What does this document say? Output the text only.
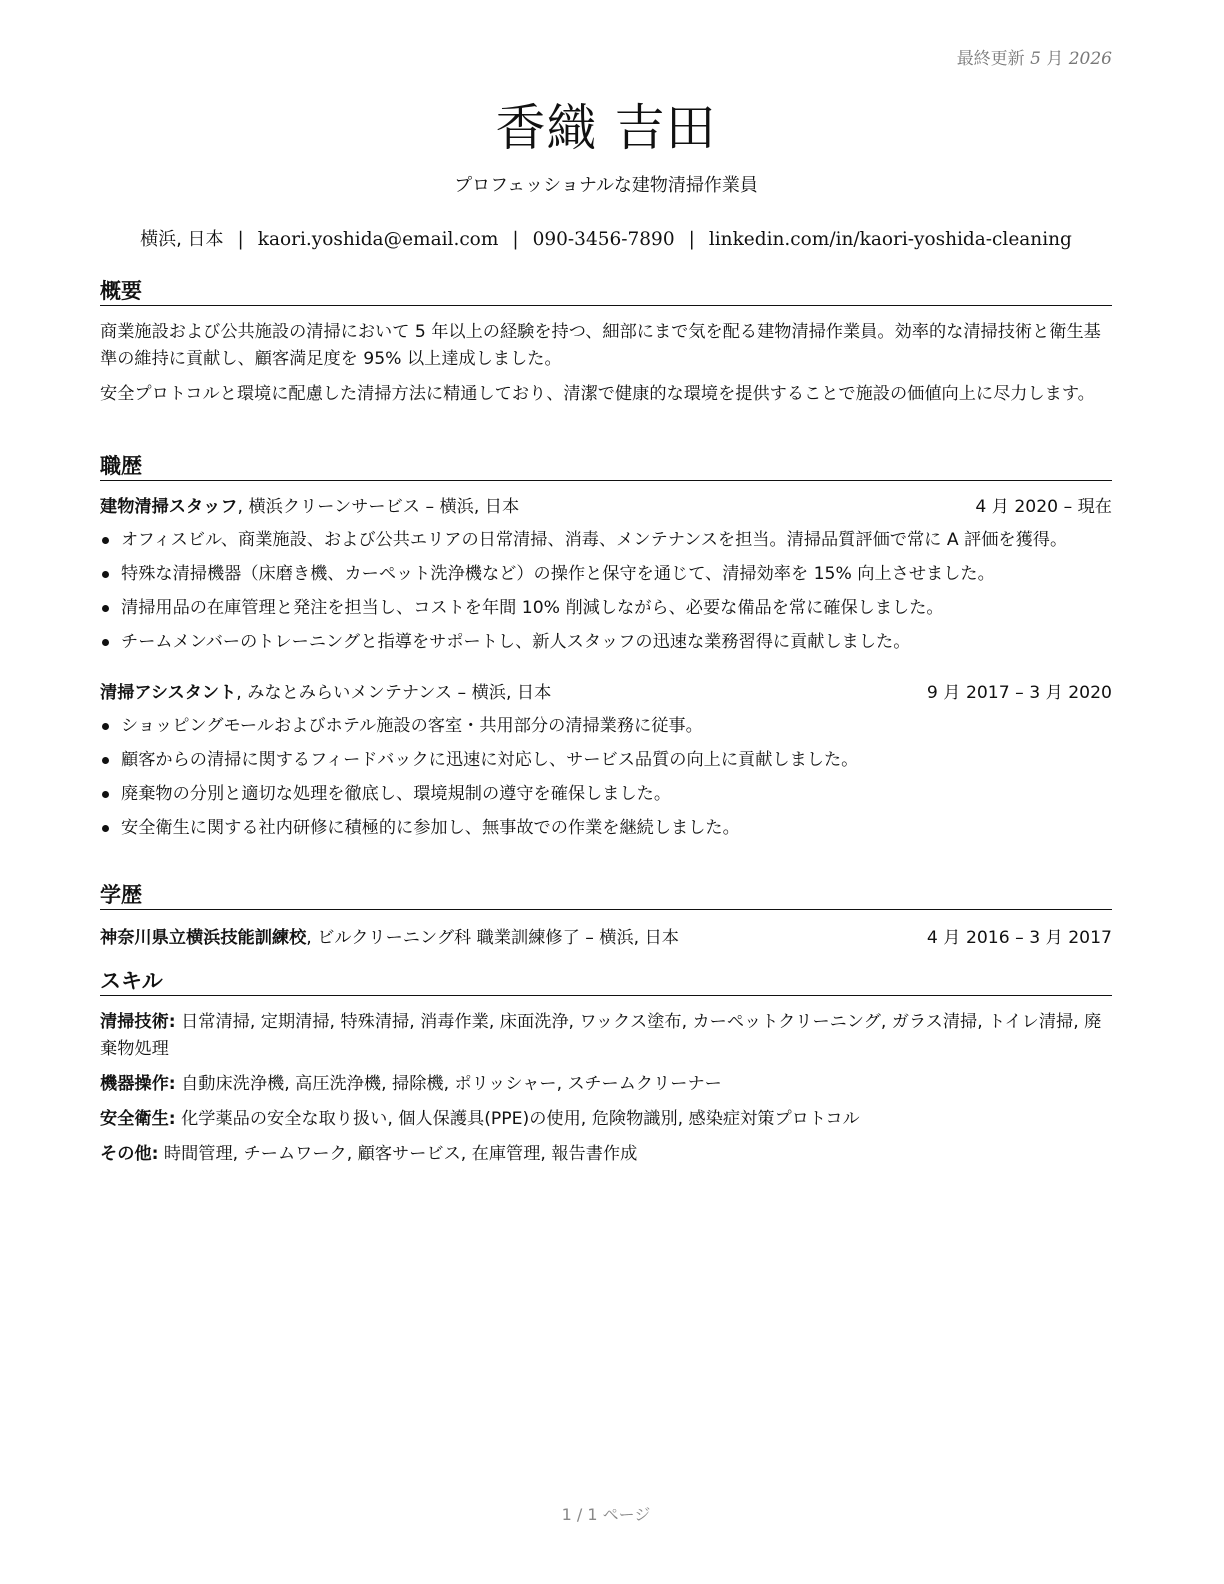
最終更新 5 月 2026
香織 吉田
プロフェッショナルな建物清掃作業員
横浜, 日本 | kaori.yoshida@email.com | 090-3456-7890 | linkedin.com/in/kaori-yoshida-cleaning
概要

商業施設および公共施設の清掃において 5 年以上の経験を持つ、細部にまで気を配る建物清掃作業員。効率的な清掃技術と衛生基準の維持に貢献し、顧客満足度を 95% 以上達成しました。

安全プロトコルと環境に配慮した清掃方法に精通しており、清潔で健康的な環境を提供することで施設の価値向上に尽力します。

職歴
建物清掃スタッフ, 横浜クリーンサービス – 横浜, 日本	4 月 2020 – 現在
オフィスビル、商業施設、および公共エリアの日常清掃、消毒、メンテナンスを担当。清掃品質評価で常に A 評価を獲得。
特殊な清掃機器（床磨き機、カーペット洗浄機など）の操作と保守を通じて、清掃効率を 15% 向上させました。
清掃用品の在庫管理と発注を担当し、コストを年間 10% 削減しながら、必要な備品を常に確保しました。
チームメンバーのトレーニングと指導をサポートし、新人スタッフの迅速な業務習得に貢献しました。
清掃アシスタント, みなとみらいメンテナンス – 横浜, 日本	9 月 2017 – 3 月 2020
ショッピングモールおよびホテル施設の客室・共用部分の清掃業務に従事。
顧客からの清掃に関するフィードバックに迅速に対応し、サービス品質の向上に貢献しました。
廃棄物の分別と適切な処理を徹底し、環境規制の遵守を確保しました。
安全衛生に関する社内研修に積極的に参加し、無事故での作業を継続しました。
学歴
神奈川県立横浜技能訓練校, ビルクリーニング科 職業訓練修了 – 横浜, 日本	4 月 2016 – 3 月 2017
スキル

清掃技術: 日常清掃, 定期清掃, 特殊清掃, 消毒作業, 床面洗浄, ワックス塗布, カーペットクリーニング, ガラス清掃, トイレ清掃, 廃棄物処理

機器操作: 自動床洗浄機, 高圧洗浄機, 掃除機, ポリッシャー, スチームクリーナー

安全衛生: 化学薬品の安全な取り扱い, 個人保護具(PPE)の使用, 危険物識別, 感染症対策プロトコル

その他: 時間管理, チームワーク, 顧客サービス, 在庫管理, 報告書作成

1 / 1 ページ
